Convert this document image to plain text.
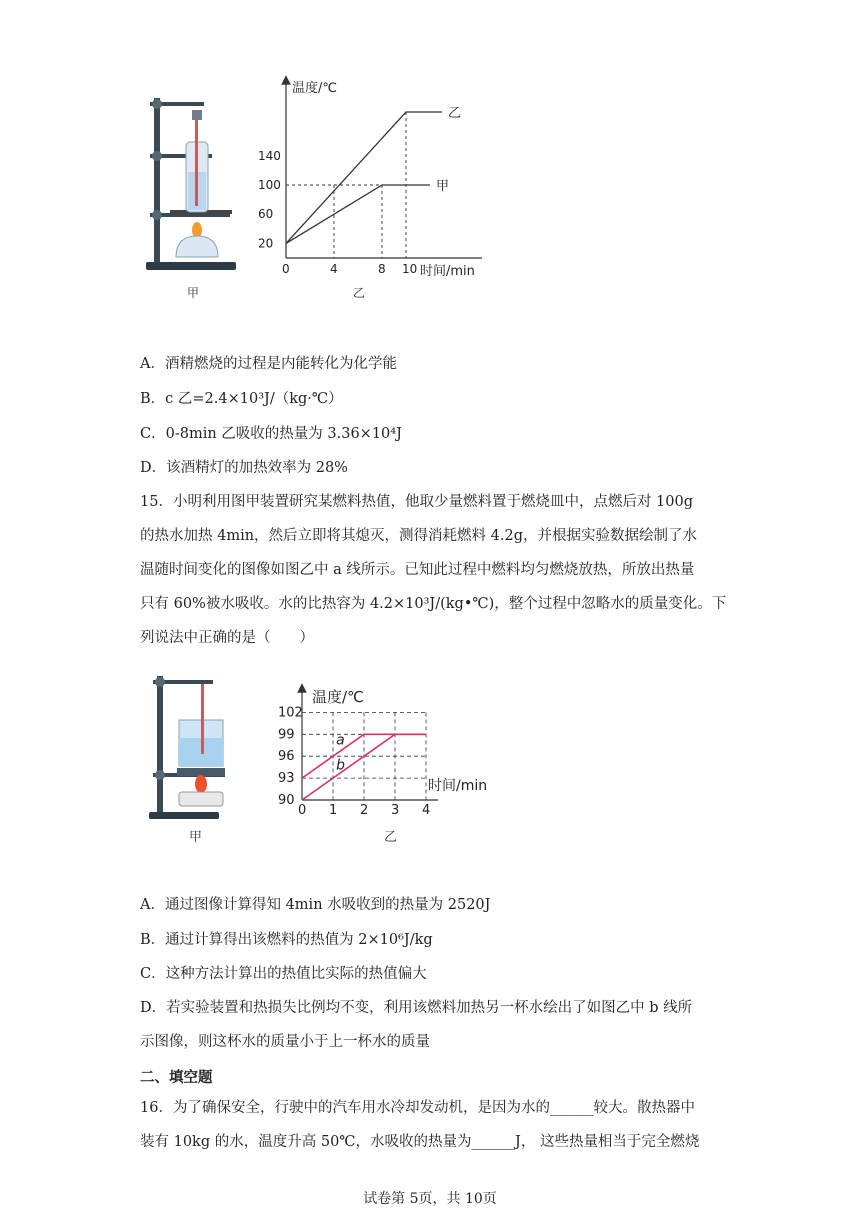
甲
甲
乙
0	4	8 10
20
60
100
140
温度/℃
时间/min
乙
A．酒精燃烧的过程是内能转化为化学能
B．c 乙=2.4×10³J/（kg·℃）
C．0-8min 乙吸收的热量为 3.36×10⁴J
D．该酒精灯的加热效率为 28%
15．小明利用图甲装置研究某燃料热值，他取少量燃料置于燃烧皿中，点燃后对 100g
的热水加热 4min，然后立即将其熄灭，测得消耗燃料 4.2g，并根据实验数据绘制了水
温随时间变化的图像如图乙中 a 线所示。已知此过程中燃料均匀燃烧放热，所放出热量
只有 60%被水吸收。水的比热容为 4.2×10³J/(kg•℃)，整个过程中忽略水的质量变化。下
列说法中正确的是（　　）
甲
a
b
0 1 2 3 4
90
93
96
99
102
温度/℃
时间/min
乙
A．通过图像计算得知 4min 水吸收到的热量为 2520J
B．通过计算得出该燃料的热值为 2×10⁶J/kg
C．这种方法计算出的热值比实际的热值偏大
D．若实验装置和热损失比例均不变，利用该燃料加热另一杯水绘出了如图乙中 b 线所
示图像，则这杯水的质量小于上一杯水的质量
二、填空题
16．为了确保安全，行驶中的汽车用水冷却发动机，是因为水的______较大。散热器中
装有 10kg 的水，温度升高 50℃，水吸收的热量为______J， 这些热量相当于完全燃烧
试卷第 5页，共 10页
